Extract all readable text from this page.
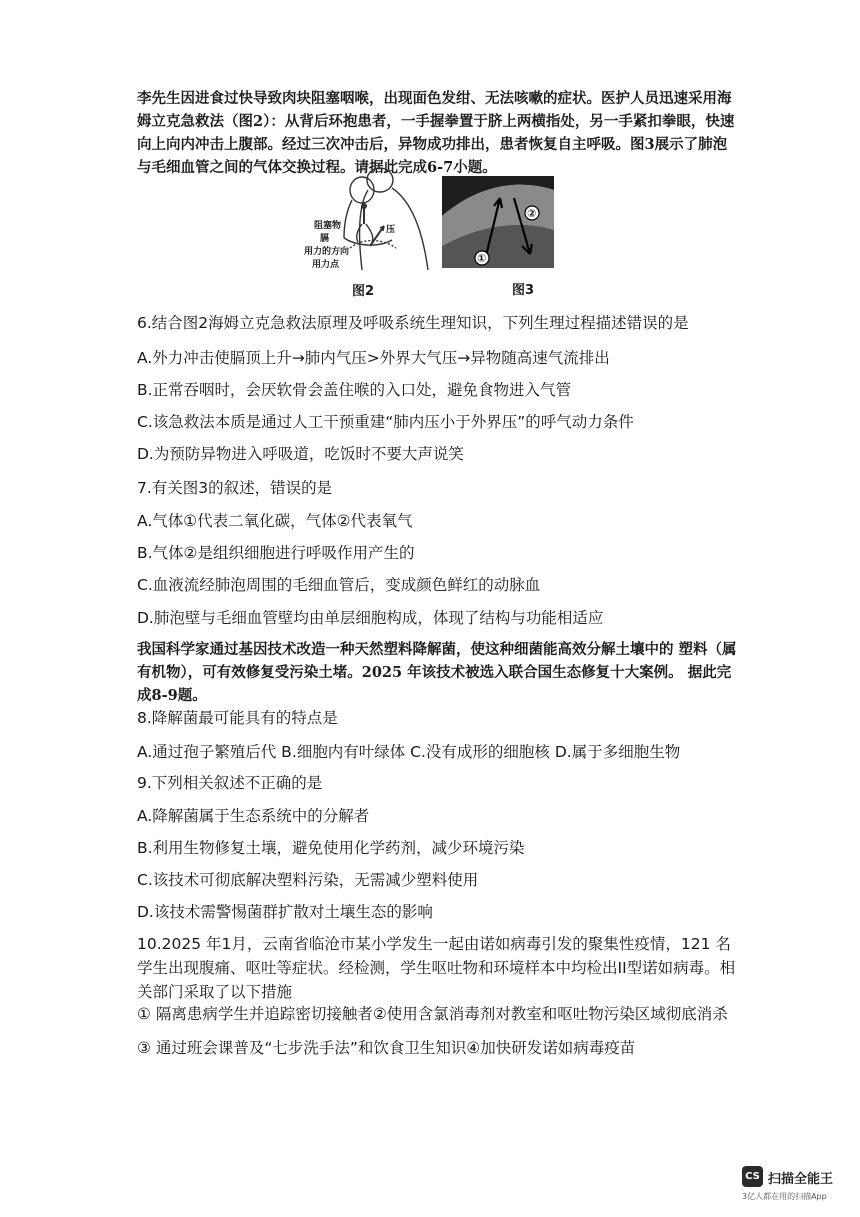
李先生因进食过快导致肉块阻塞咽喉，出现面色发绀、无法咳嗽的症状。医护人员迅速采用海姆立克急救法（图2）：从背后环抱患者，一手握拳置于脐上两横指处，另一手紧扣拳眼，快速向上向内冲击上腹部。经过三次冲击后，异物成功排出，患者恢复自主呼吸。图3展示了肺泡与毛细血管之间的气体交换过程。请据此完成6-7小题。
阻塞物
膈
用力的方向
用力点
压
图2
①
②
图3
6.结合图2海姆立克急救法原理及呼吸系统生理知识，下列生理过程描述错误的是
A.外力冲击使膈顶上升→肺内气压>外界大气压→异物随高速气流排出
B.正常吞咽时，会厌软骨会盖住喉的入口处，避免食物进入气管
C.该急救法本质是通过人工干预重建“肺内压小于外界压”的呼气动力条件
D.为预防异物进入呼吸道，吃饭时不要大声说笑
7.有关图3的叙述，错误的是
A.气体①代表二氧化碳，气体②代表氧气
B.气体②是组织细胞进行呼吸作用产生的
C.血液流经肺泡周围的毛细血管后，变成颜色鲜红的动脉血
D.肺泡壁与毛细血管壁均由单层细胞构成，体现了结构与功能相适应
我国科学家通过基因技术改造一种天然塑料降解菌，使这种细菌能高效分解土壤中的 塑料（属有机物），可有效修复受污染土堵。2025 年该技术被选入联合国生态修复十大案例。 据此完成8-9题。
8.降解菌最可能具有的特点是
A.通过孢子繁殖后代 B.细胞内有叶绿体 C.没有成形的细胞核 D.属于多细胞生物
9.下列相关叙述不正确的是
A.降解菌属于生态系统中的分解者
B.利用生物修复土壤，避免使用化学药剂，减少环境污染
C.该技术可彻底解决塑料污染，无需减少塑料使用
D.该技术需警惕菌群扩散对土壤生态的影响
10.2025 年1月，云南省临沧市某小学发生一起由诺如病毒引发的聚集性疫情，121 名学生出现腹痛、呕吐等症状。经检测，学生呕吐物和环境样本中均检出II型诺如病毒。相关部门采取了以下措施
① 隔离患病学生并追踪密切接触者②使用含氯消毒剂对教室和呕吐物污染区域彻底消杀
③ 通过班会课普及“七步洗手法”和饮食卫生知识④加快研发诺如病毒疫苗
CS 扫描全能王
3亿人都在用的扫描App
